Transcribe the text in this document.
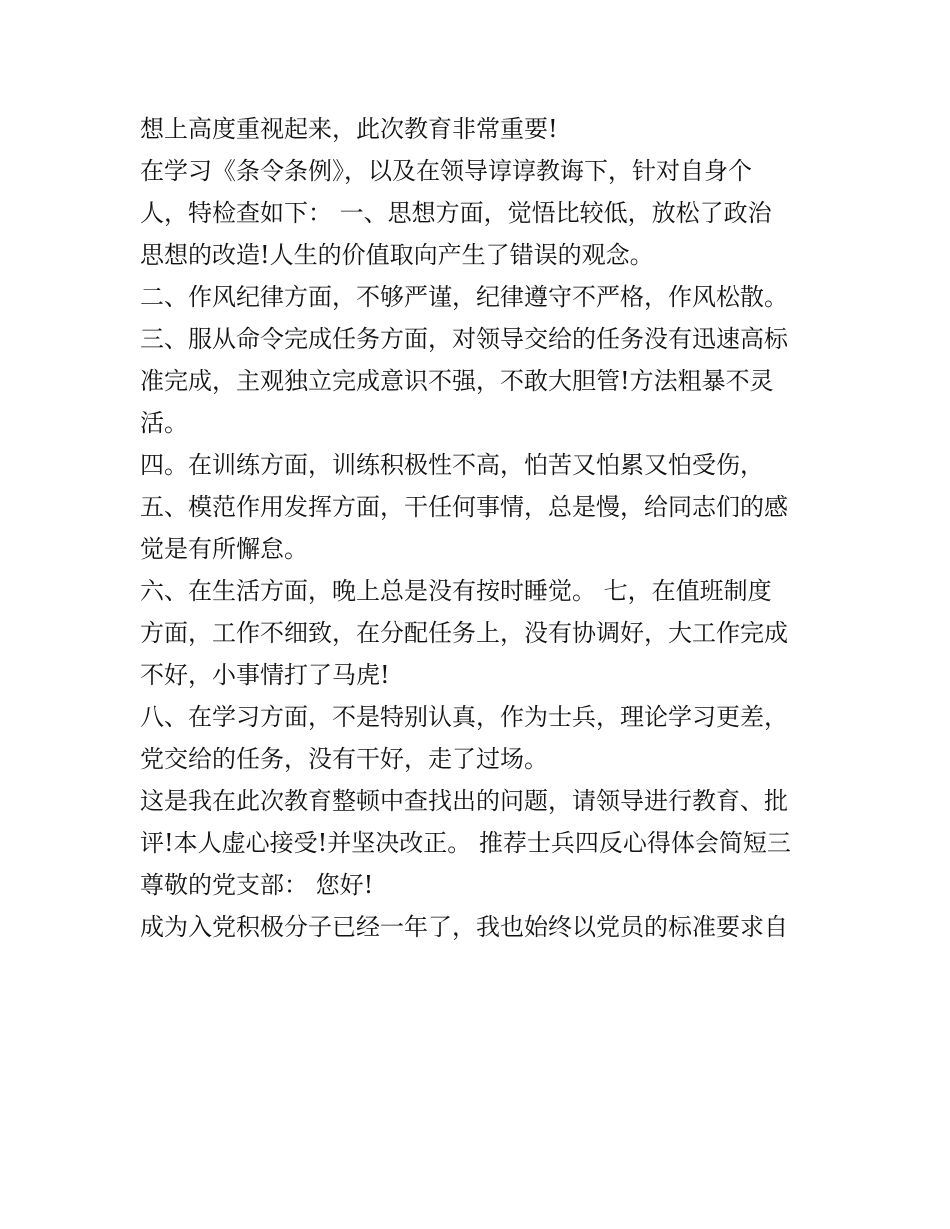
想上高度重视起来，此次教育非常重要!
在学习《条令条例》，以及在领导谆谆教诲下，针对自身个
人，特检查如下： 一、思想方面，觉悟比较低，放松了政治
思想的改造!人生的价值取向产生了错误的观念。
二、作风纪律方面，不够严谨，纪律遵守不严格，作风松散。
三、服从命令完成任务方面，对领导交给的任务没有迅速高标
准完成，主观独立完成意识不强，不敢大胆管!方法粗暴不灵
活。
四。在训练方面，训练积极性不高，怕苦又怕累又怕受伤，
五、模范作用发挥方面，干任何事情，总是慢，给同志们的感
觉是有所懈怠。
六、在生活方面，晚上总是没有按时睡觉。 七，在值班制度
方面，工作不细致，在分配任务上，没有协调好，大工作完成
不好，小事情打了马虎!
八、在学习方面，不是特别认真，作为士兵，理论学习更差，
党交给的任务，没有干好，走了过场。
这是我在此次教育整顿中查找出的问题，请领导进行教育、批
评!本人虚心接受!并坚决改正。 推荐士兵四反心得体会简短三
尊敬的党支部： 您好!
成为入党积极分子已经一年了，我也始终以党员的标准要求自
